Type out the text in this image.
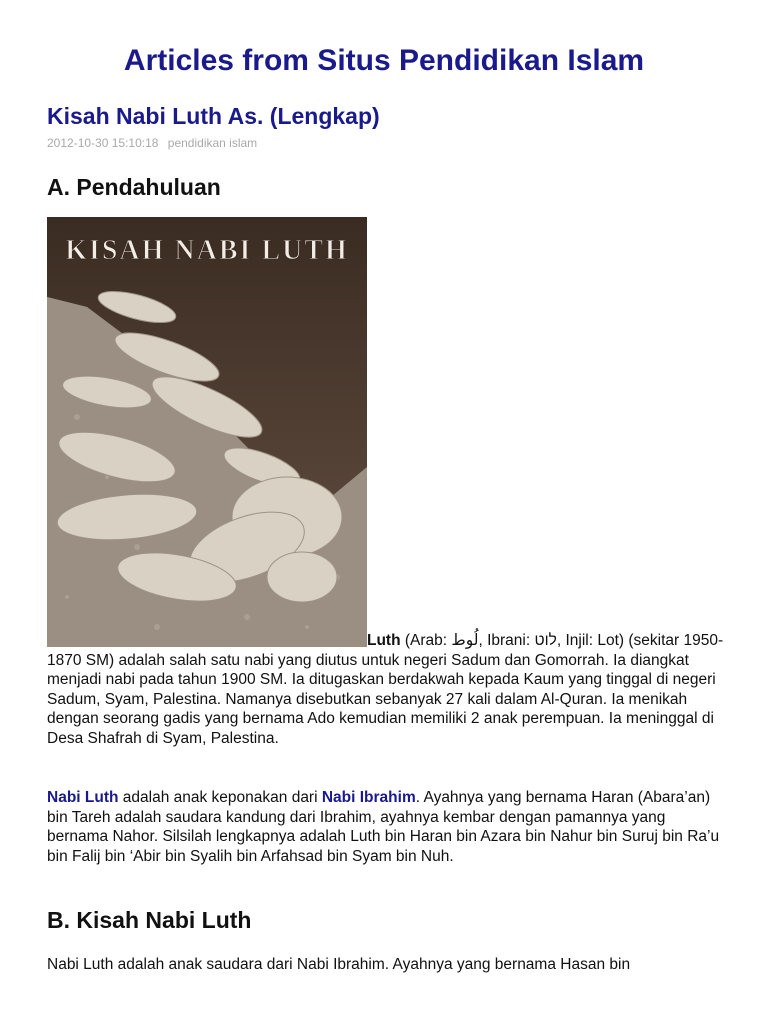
Articles from Situs Pendidikan Islam
Kisah Nabi Luth As. (Lengkap)
2012-10-30 15:10:18 pendidikan islam
A. Pendahuluan
KISAH NABI LUTH

Luth (Arab: لُوط, Ibrani: לוט, Injil: Lot) (sekitar 1950-1870 SM) adalah salah satu nabi yang diutus untuk negeri Sadum dan Gomorrah. Ia diangkat menjadi nabi pada tahun 1900 SM. Ia ditugaskan berdakwah kepada Kaum yang tinggal di negeri Sadum, Syam, Palestina. Namanya disebutkan sebanyak 27 kali dalam Al-Quran. Ia menikah dengan seorang gadis yang bernama Ado kemudian memiliki 2 anak perempuan. Ia meninggal di Desa Shafrah di Syam, Palestina.

Nabi Luth adalah anak keponakan dari Nabi Ibrahim. Ayahnya yang bernama Haran (Abara’an) bin Tareh adalah saudara kandung dari Ibrahim, ayahnya kembar dengan pamannya yang bernama Nahor. Silsilah lengkapnya adalah Luth bin Haran bin Azara bin Nahur bin Suruj bin Ra’u bin Falij bin ‘Abir bin Syalih bin Arfahsad bin Syam bin Nuh.

B. Kisah Nabi Luth

Nabi Luth adalah anak saudara dari Nabi Ibrahim. Ayahnya yang bernama Hasan bin
